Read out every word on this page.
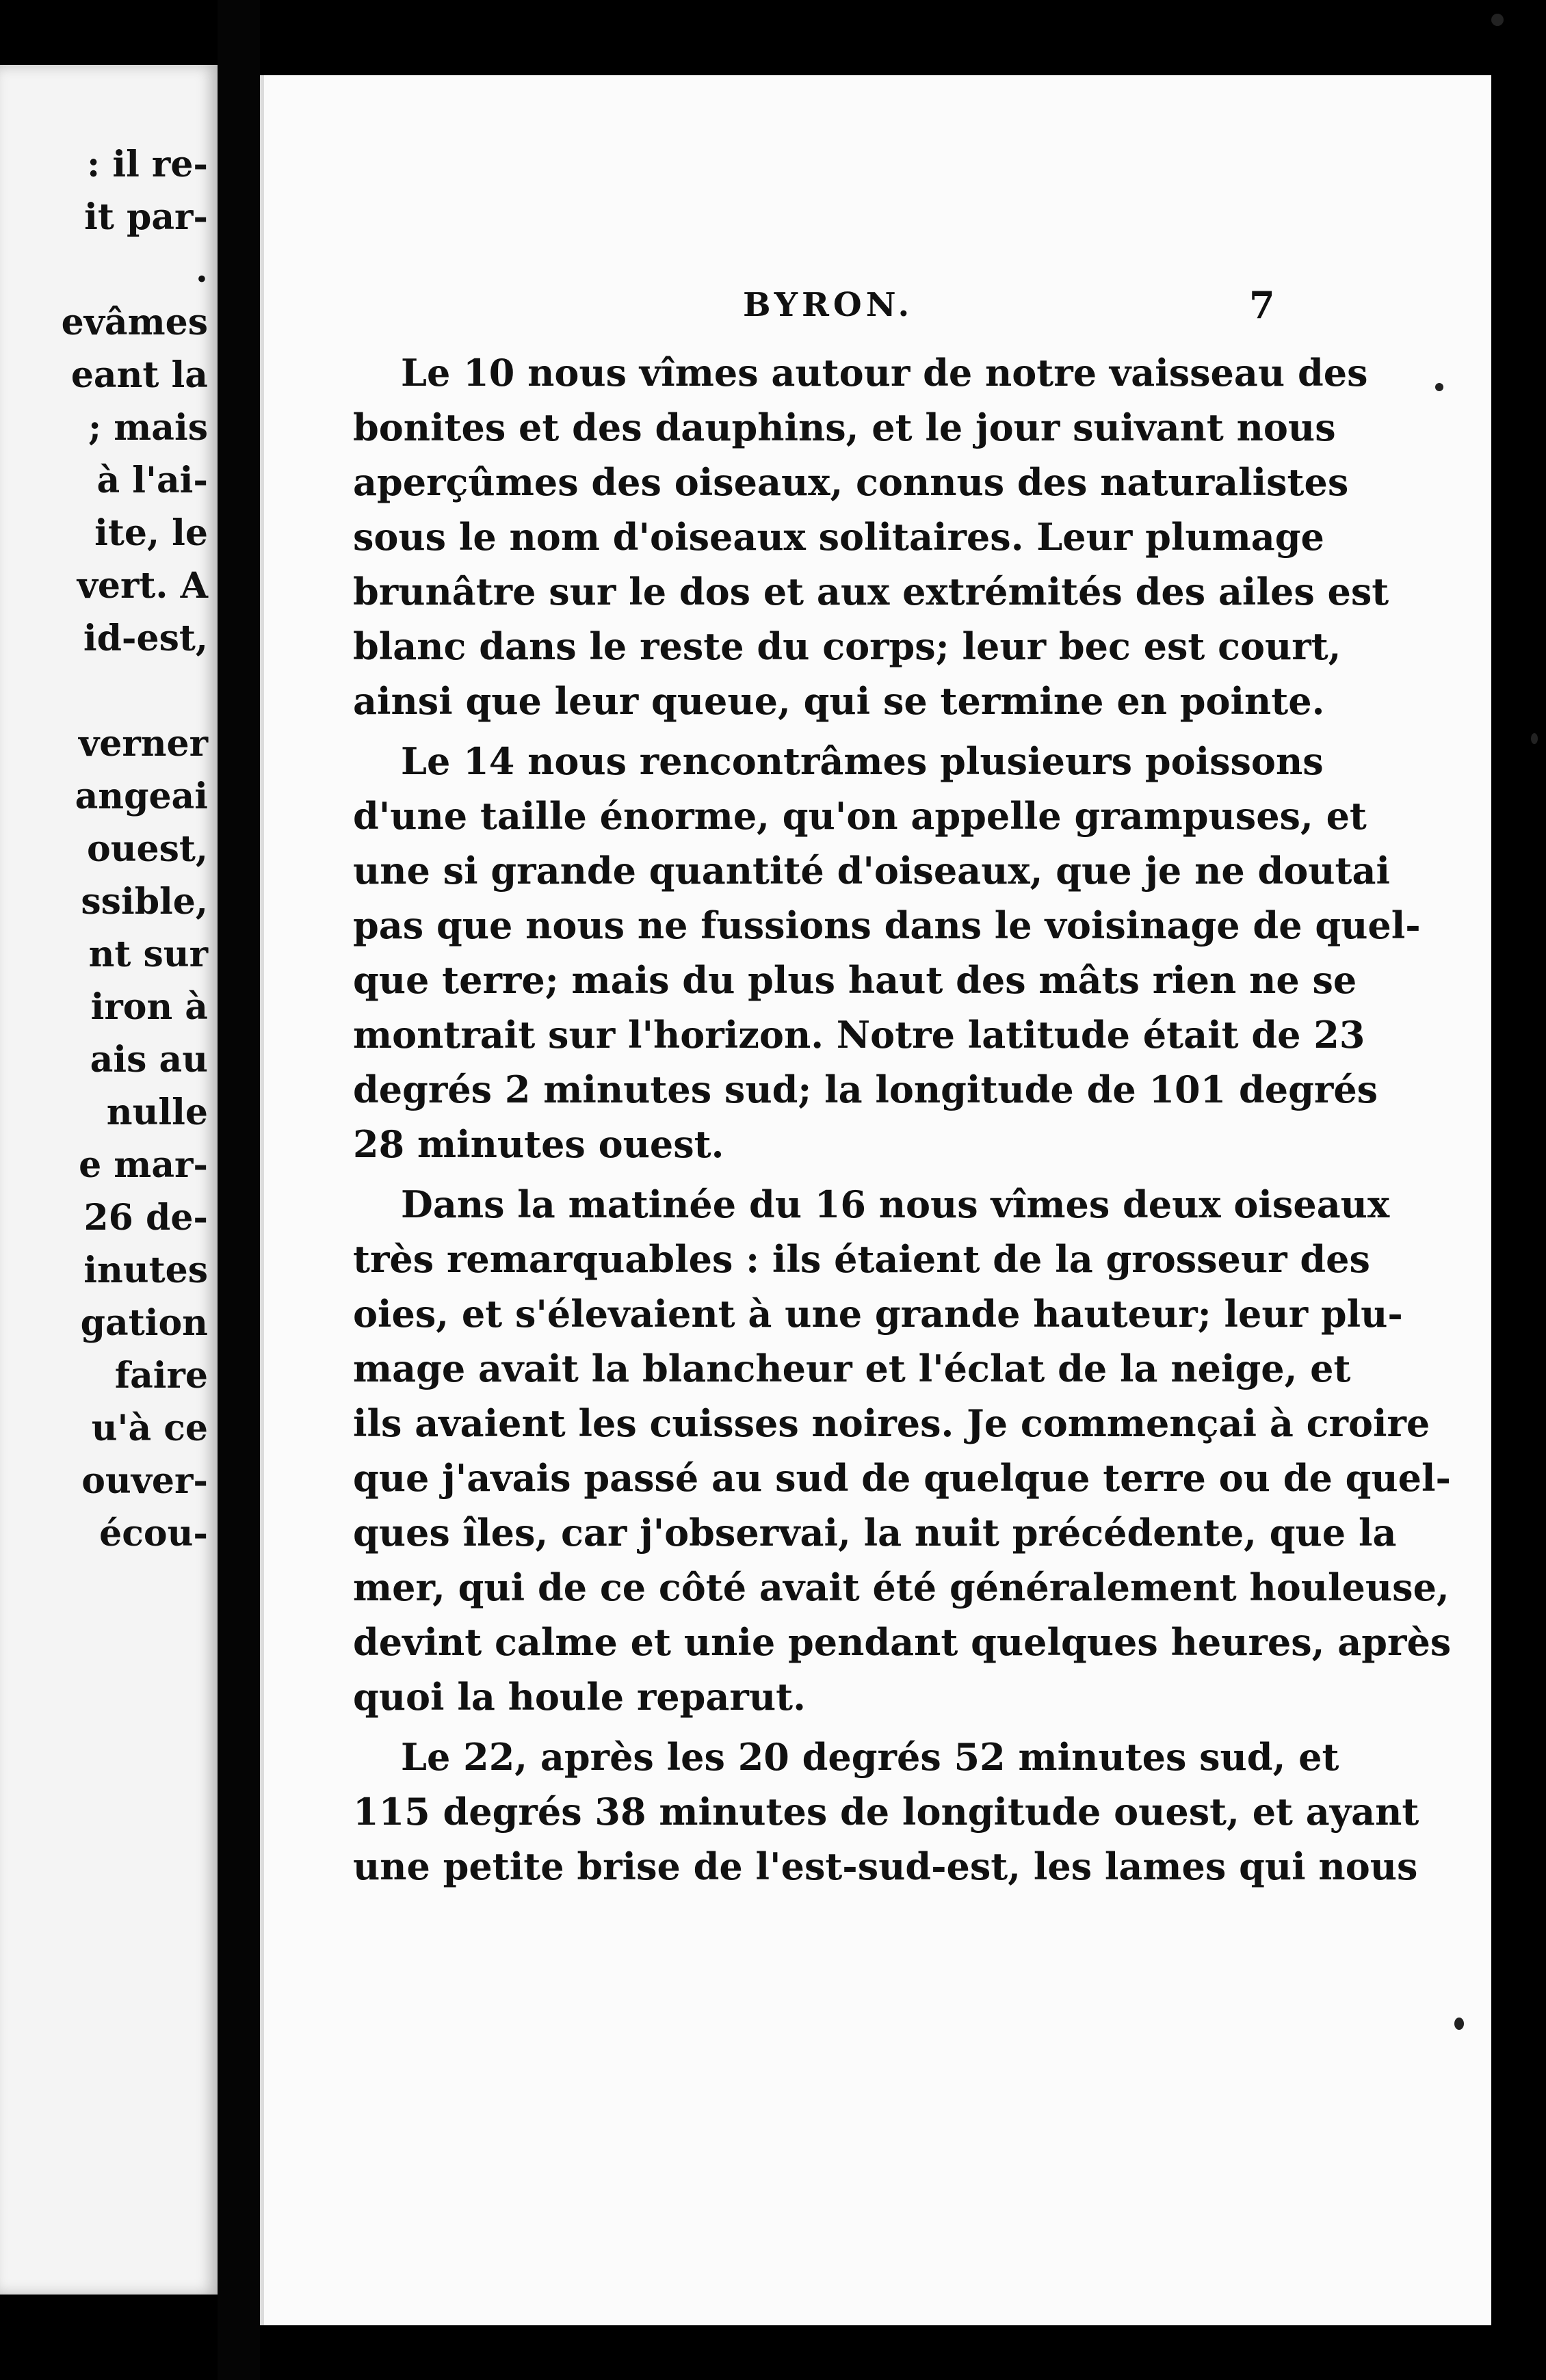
: il re-
it par-
.
evâmes
eant la
; mais
à l'ai-
ite, le
vert. A
id-est,
verner
angeai
ouest,
ssible,
nt sur
iron à
ais au
nulle
e mar-
26 de-
inutes
gation
faire
u'à ce
ouver-
écou-
BYRON.	7
Le 10 nous vîmes autour de notre vaisseau des
bonites et des dauphins, et le jour suivant nous
aperçûmes des oiseaux, connus des naturalistes
sous le nom d'oiseaux solitaires. Leur plumage
brunâtre sur le dos et aux extrémités des ailes est
blanc dans le reste du corps; leur bec est court,
ainsi que leur queue, qui se termine en pointe.
Le 14 nous rencontrâmes plusieurs poissons
d'une taille énorme, qu'on appelle grampuses, et
une si grande quantité d'oiseaux, que je ne doutai
pas que nous ne fussions dans le voisinage de quel-
que terre; mais du plus haut des mâts rien ne se
montrait sur l'horizon. Notre latitude était de 23
degrés 2 minutes sud; la longitude de 101 degrés
28 minutes ouest.
Dans la matinée du 16 nous vîmes deux oiseaux
très remarquables : ils étaient de la grosseur des
oies, et s'élevaient à une grande hauteur; leur plu-
mage avait la blancheur et l'éclat de la neige, et
ils avaient les cuisses noires. Je commençai à croire
que j'avais passé au sud de quelque terre ou de quel-
ques îles, car j'observai, la nuit précédente, que la
mer, qui de ce côté avait été généralement houleuse,
devint calme et unie pendant quelques heures, après
quoi la houle reparut.
Le 22, après les 20 degrés 52 minutes sud, et
115 degrés 38 minutes de longitude ouest, et ayant
une petite brise de l'est-sud-est, les lames qui nous
